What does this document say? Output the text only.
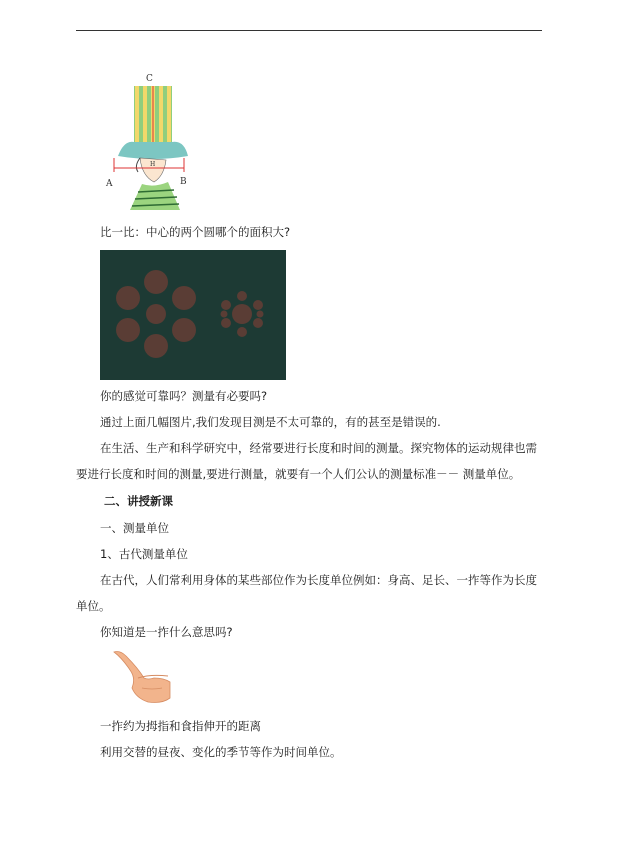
C
H
A	B
比一比：中心的两个圆哪个的面积大?
你的感觉可靠吗？测量有必要吗?
通过上面几幅图片,我们发现目测是不太可靠的，有的甚至是错误的.
在生活、生产和科学研究中，经常要进行长度和时间的测量。探究物体的运动规律也需
要进行长度和时间的测量,要进行测量，就要有一个人们公认的测量标准－－ 测量单位。
二、讲授新课
一、测量单位
1、古代测量单位
在古代，人们常利用身体的某些部位作为长度单位例如：身高、足长、一拃等作为长度
单位。
你知道是一拃什么意思吗?
一拃约为拇指和食指伸开的距离
利用交替的昼夜、变化的季节等作为时间单位。
